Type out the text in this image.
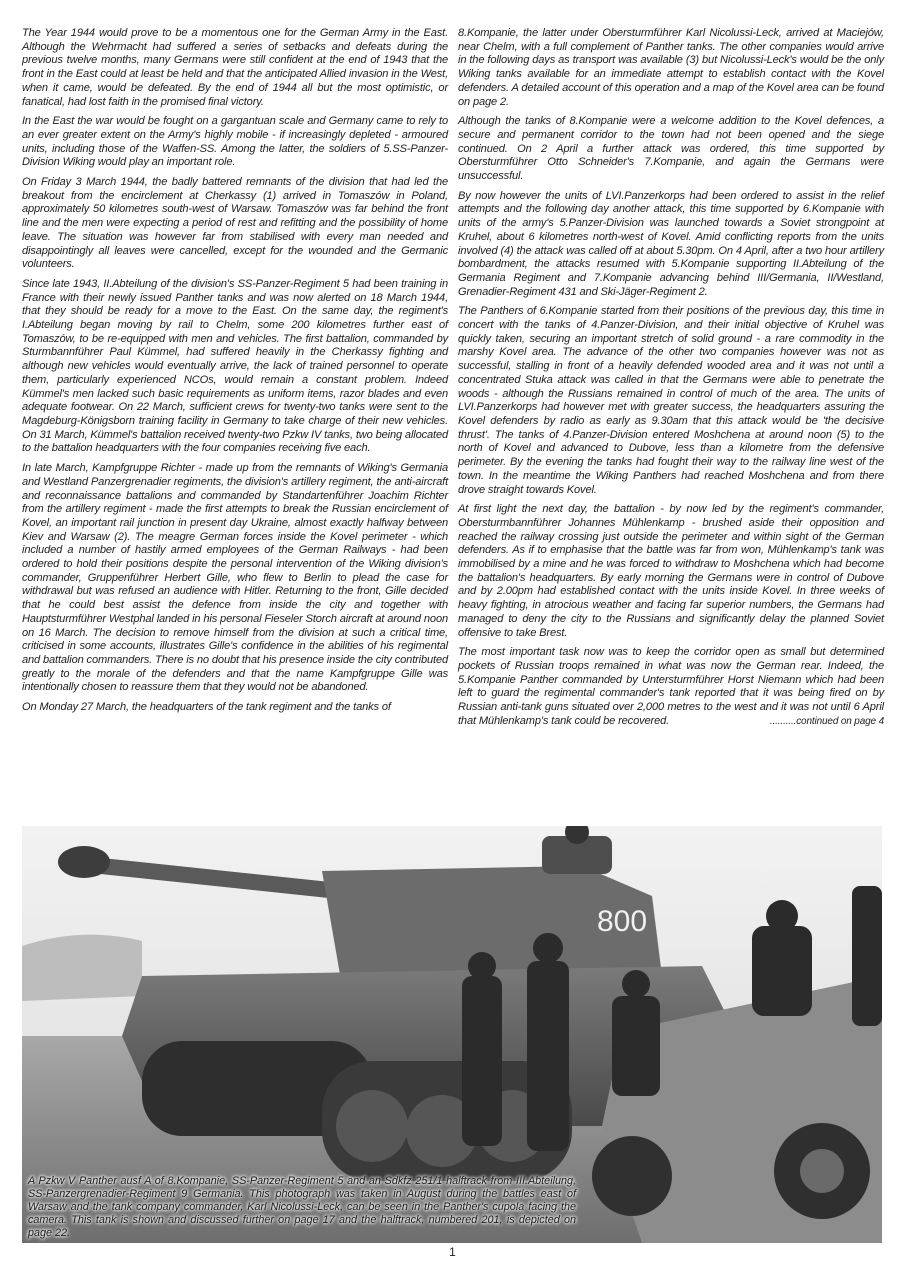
The Year 1944 would prove to be a momentous one for the German Army in the East. Although the Wehrmacht had suffered a series of setbacks and defeats during the previous twelve months, many Germans were still confident at the end of 1943 that the front in the East could at least be held and that the anticipated Allied invasion in the West, when it came, would be defeated. By the end of 1944 all but the most optimistic, or fanatical, had lost faith in the promised final victory.

In the East the war would be fought on a gargantuan scale and Germany came to rely to an ever greater extent on the Army's highly mobile - if increasingly depleted - armoured units, including those of the Waffen-SS. Among the latter, the soldiers of 5.SS-Panzer-Division Wiking would play an important role.

On Friday 3 March 1944, the badly battered remnants of the division that had led the breakout from the encirclement at Cherkassy (1) arrived in Tomaszów in Poland, approximately 50 kilometres south-west of Warsaw. Tomaszów was far behind the front line and the men were expecting a period of rest and refitting and the possibility of home leave. The situation was however far from stabilised with every man needed and disappointingly all leaves were cancelled, except for the wounded and the Germanic volunteers.

Since late 1943, II.Abteilung of the division's SS-Panzer-Regiment 5 had been training in France with their newly issued Panther tanks and was now alerted on 18 March 1944, that they should be ready for a move to the East. On the same day, the regiment's I.Abteilung began moving by rail to Chelm, some 200 kilometres further east of Tomaszów, to be re-equipped with men and vehicles. The first battalion, commanded by Sturmbannführer Paul Kümmel, had suffered heavily in the Cherkassy fighting and although new vehicles would eventually arrive, the lack of trained personnel to operate them, particularly experienced NCOs, would remain a constant problem. Indeed Kümmel's men lacked such basic requirements as uniform items, razor blades and even adequate footwear. On 22 March, sufficient crews for twenty-two tanks were sent to the Magdeburg-Königsborn training facility in Germany to take charge of their new vehicles. On 31 March, Kümmel's battalion received twenty-two Pzkw IV tanks, two being allocated to the battalion headquarters with the four companies receiving five each.

In late March, Kampfgruppe Richter - made up from the remnants of Wiking's Germania and Westland Panzergrenadier regiments, the division's artillery regiment, the anti-aircraft and reconnaissance battalions and commanded by Standartenführer Joachim Richter from the artillery regiment - made the first attempts to break the Russian encirclement of Kovel, an important rail junction in present day Ukraine, almost exactly halfway between Kiev and Warsaw (2). The meagre German forces inside the Kovel perimeter - which included a number of hastily armed employees of the German Railways - had been ordered to hold their positions despite the personal intervention of the Wiking division's commander, Gruppenführer Herbert Gille, who flew to Berlin to plead the case for withdrawal but was refused an audience with Hitler. Returning to the front, Gille decided that he could best assist the defence from inside the city and together with Hauptsturmführer Westphal landed in his personal Fieseler Storch aircraft at around noon on 16 March. The decision to remove himself from the division at such a critical time, criticised in some accounts, illustrates Gille's confidence in the abilities of his regimental and battalion commanders. There is no doubt that his presence inside the city contributed greatly to the morale of the defenders and that the name Kampfgruppe Gille was intentionally chosen to reassure them that they would not be abandoned.

On Monday 27 March, the headquarters of the tank regiment and the tanks of

8.Kompanie, the latter under Obersturmführer Karl Nicolussi-Leck, arrived at Maciejów, near Chelm, with a full complement of Panther tanks. The other companies would arrive in the following days as transport was available (3) but Nicolussi-Leck's would be the only Wiking tanks available for an immediate attempt to establish contact with the Kovel defenders. A detailed account of this operation and a map of the Kovel area can be found on page 2.

Although the tanks of 8.Kompanie were a welcome addition to the Kovel defences, a secure and permanent corridor to the town had not been opened and the siege continued. On 2 April a further attack was ordered, this time supported by Obersturmführer Otto Schneider's 7.Kompanie, and again the Germans were unsuccessful.

By now however the units of LVI.Panzerkorps had been ordered to assist in the relief attempts and the following day another attack, this time supported by 6.Kompanie with units of the army's 5.Panzer-Division was launched towards a Soviet strongpoint at Kruhel, about 6 kilometres north-west of Kovel. Amid conflicting reports from the units involved (4) the attack was called off at about 5.30pm. On 4 April, after a two hour artillery bombardment, the attacks resumed with 5.Kompanie supporting II.Abteilung of the Germania Regiment and 7.Kompanie advancing behind III/Germania, II/Westland, Grenadier-Regiment 431 and Ski-Jäger-Regiment 2.

The Panthers of 6.Kompanie started from their positions of the previous day, this time in concert with the tanks of 4.Panzer-Division, and their initial objective of Kruhel was quickly taken, securing an important stretch of solid ground - a rare commodity in the marshy Kovel area. The advance of the other two companies however was not as successful, stalling in front of a heavily defended wooded area and it was not until a concentrated Stuka attack was called in that the Germans were able to penetrate the woods - although the Russians remained in control of much of the area. The units of LVI.Panzerkorps had however met with greater success, the headquarters assuring the Kovel defenders by radio as early as 9.30am that this attack would be 'the decisive thrust'. The tanks of 4.Panzer-Division entered Moshchena at around noon (5) to the north of Kovel and advanced to Dubove, less than a kilometre from the defensive perimeter. By the evening the tanks had fought their way to the railway line west of the town. In the meantime the Wiking Panthers had reached Moshchena and from there drove straight towards Kovel.

At first light the next day, the battalion - by now led by the regiment's commander, Obersturmbannführer Johannes Mühlenkamp - brushed aside their opposition and reached the railway crossing just outside the perimeter and within sight of the German defenders. As if to emphasise that the battle was far from won, Mühlenkamp's tank was immobilised by a mine and he was forced to withdraw to Moshchena which had become the battalion's headquarters. By early morning the Germans were in control of Dubove and by 2.00pm had established contact with the units inside Kovel. In three weeks of heavy fighting, in atrocious weather and facing far superior numbers, the Germans had managed to deny the city to the Russians and significantly delay the planned Soviet offensive to take Brest.

The most important task now was to keep the corridor open as small but determined pockets of Russian troops remained in what was now the German rear. Indeed, the 5.Kompanie Panther commanded by Untersturmführer Horst Niemann which had been left to guard the regimental commander's tank reported that it was being fired on by Russian anti-tank guns situated over 2,000 metres to the west and it was not until 6 April that Mühlenkamp's tank could be recovered.	..........continued on page 4

800
A Pzkw V Panther ausf A of 8.Kompanie, SS-Panzer-Regiment 5 and an Sdkfz 251/1 halftrack from III.Abteilung, SS-Panzergrenadier-Regiment 9 Germania. This photograph was taken in August during the battles east of Warsaw and the tank company commander, Karl Nicolussi-Leck, can be seen in the Panther's cupola facing the camera. This tank is shown and discussed further on page 17 and the halftrack, numbered 201, is depicted on page 22.
1
